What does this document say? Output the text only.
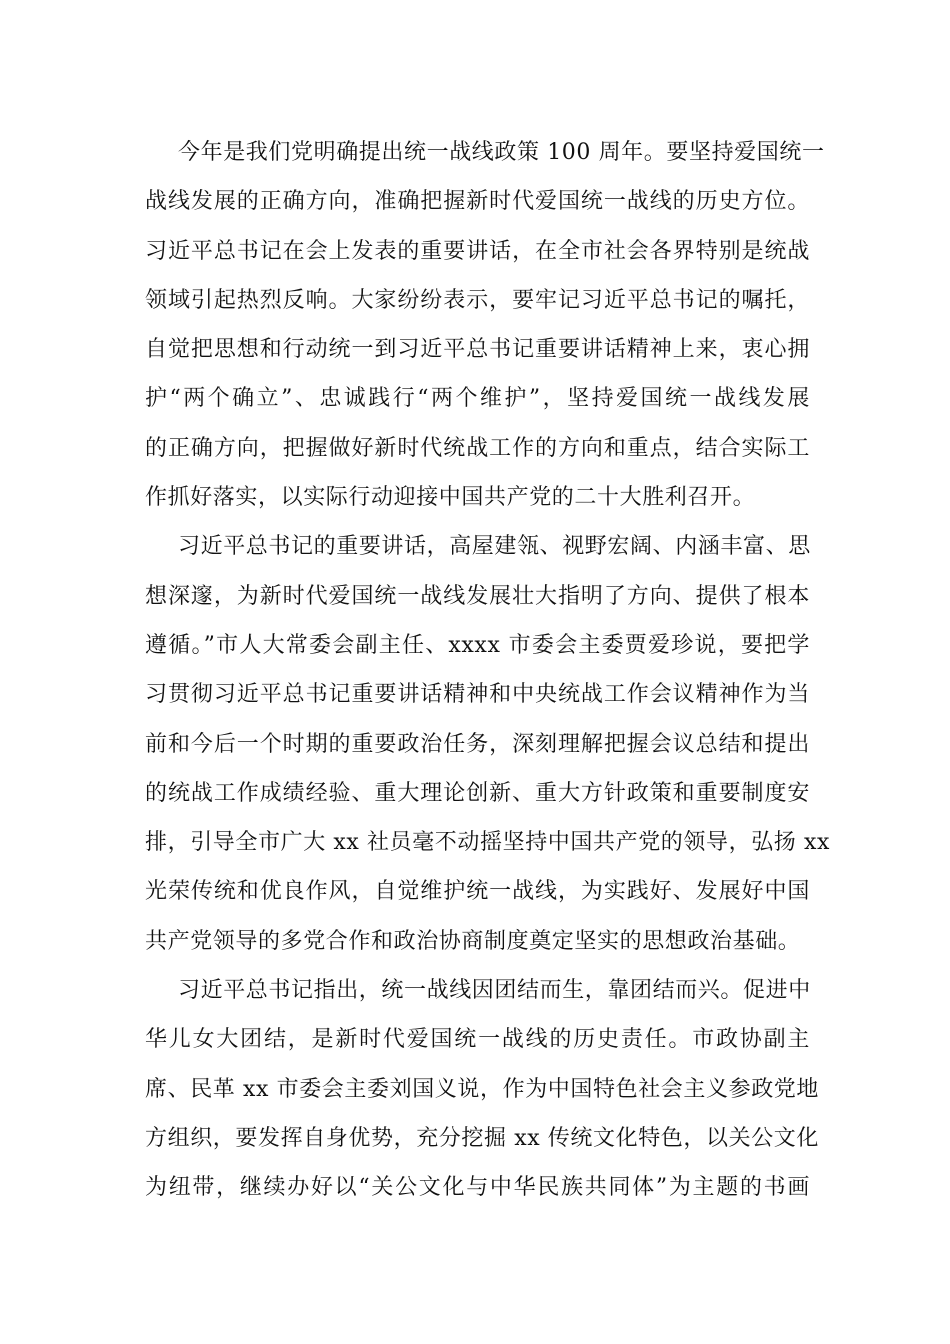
今年是我们党明确提出统一战线政策 100 周年。要坚持爱国统一
战线发展的正确方向，准确把握新时代爱国统一战线的历史方位。
习近平总书记在会上发表的重要讲话，在全市社会各界特别是统战
领域引起热烈反响。大家纷纷表示，要牢记习近平总书记的嘱托，
自觉把思想和行动统一到习近平总书记重要讲话精神上来，衷心拥
护“两个确立”、忠诚践行“两个维护”，坚持爱国统一战线发展
的正确方向，把握做好新时代统战工作的方向和重点，结合实际工
作抓好落实，以实际行动迎接中国共产党的二十大胜利召开。
习近平总书记的重要讲话，高屋建瓴、视野宏阔、内涵丰富、思
想深邃，为新时代爱国统一战线发展壮大指明了方向、提供了根本
遵循。”市人大常委会副主任、xxxx 市委会主委贾爱珍说，要把学
习贯彻习近平总书记重要讲话精神和中央统战工作会议精神作为当
前和今后一个时期的重要政治任务，深刻理解把握会议总结和提出
的统战工作成绩经验、重大理论创新、重大方针政策和重要制度安
排，引导全市广大 xx 社员毫不动摇坚持中国共产党的领导，弘扬 xx
光荣传统和优良作风，自觉维护统一战线，为实践好、发展好中国
共产党领导的多党合作和政治协商制度奠定坚实的思想政治基础。
习近平总书记指出，统一战线因团结而生，靠团结而兴。促进中
华儿女大团结，是新时代爱国统一战线的历史责任。市政协副主
席、民革 xx 市委会主委刘国义说，作为中国特色社会主义参政党地
方组织，要发挥自身优势，充分挖掘 xx 传统文化特色，以关公文化
为纽带，继续办好以“关公文化与中华民族共同体”为主题的书画
